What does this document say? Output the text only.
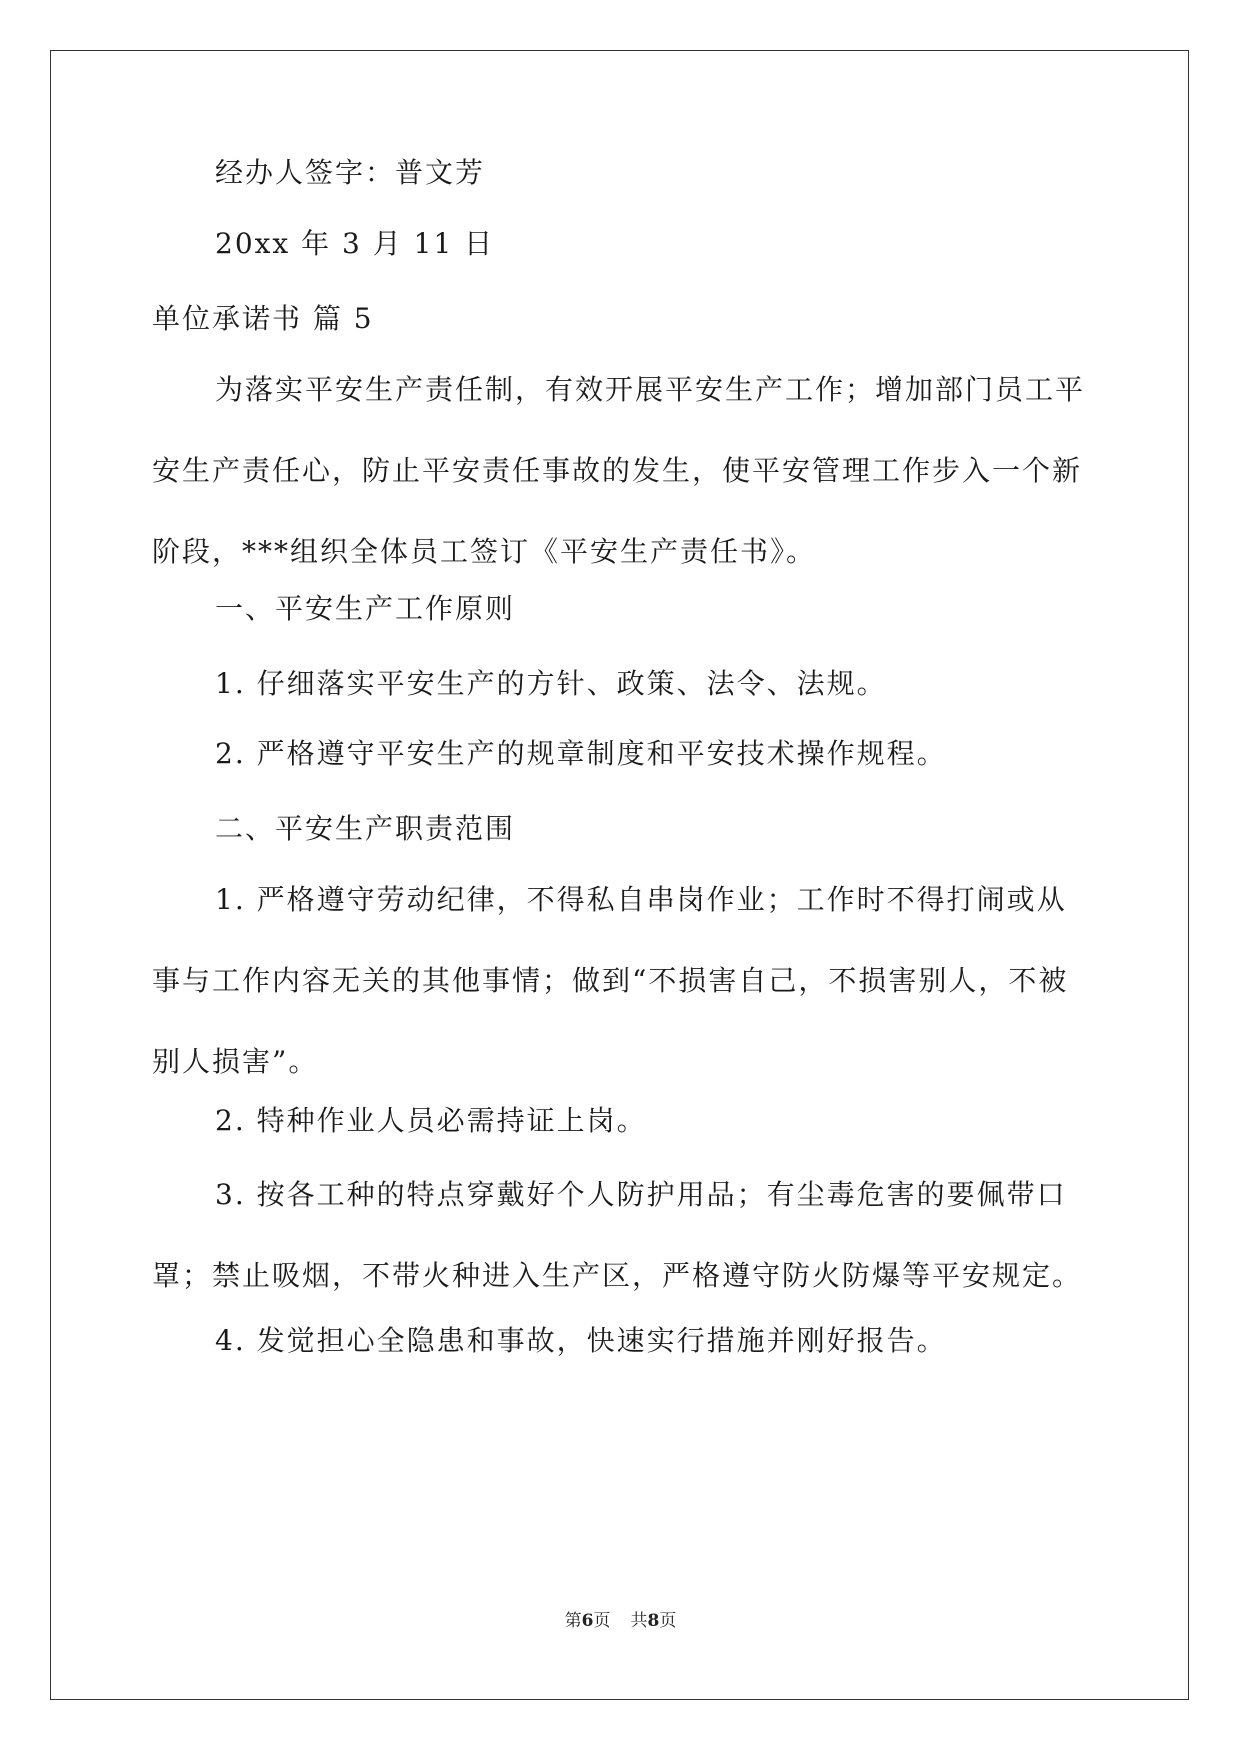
经办人签字：普文芳

20xx 年 3 月 11 日

单位承诺书 篇 5

为落实平安生产责任制，有效开展平安生产工作；增加部门员工平安生产责任心，防止平安责任事故的发生，使平安管理工作步入一个新阶段，***组织全体员工签订《平安生产责任书》。

一、平安生产工作原则

1. 仔细落实平安生产的方针、政策、法令、法规。

2. 严格遵守平安生产的规章制度和平安技术操作规程。

二、平安生产职责范围

1. 严格遵守劳动纪律，不得私自串岗作业；工作时不得打闹或从事与工作内容无关的其他事情；做到“不损害自己，不损害别人，不被别人损害”。

2. 特种作业人员必需持证上岗。

3. 按各工种的特点穿戴好个人防护用品；有尘毒危害的要佩带口罩；禁止吸烟，不带火种进入生产区，严格遵守防火防爆等平安规定。

4. 发觉担心全隐患和事故，快速实行措施并刚好报告。

第6页 共8页
